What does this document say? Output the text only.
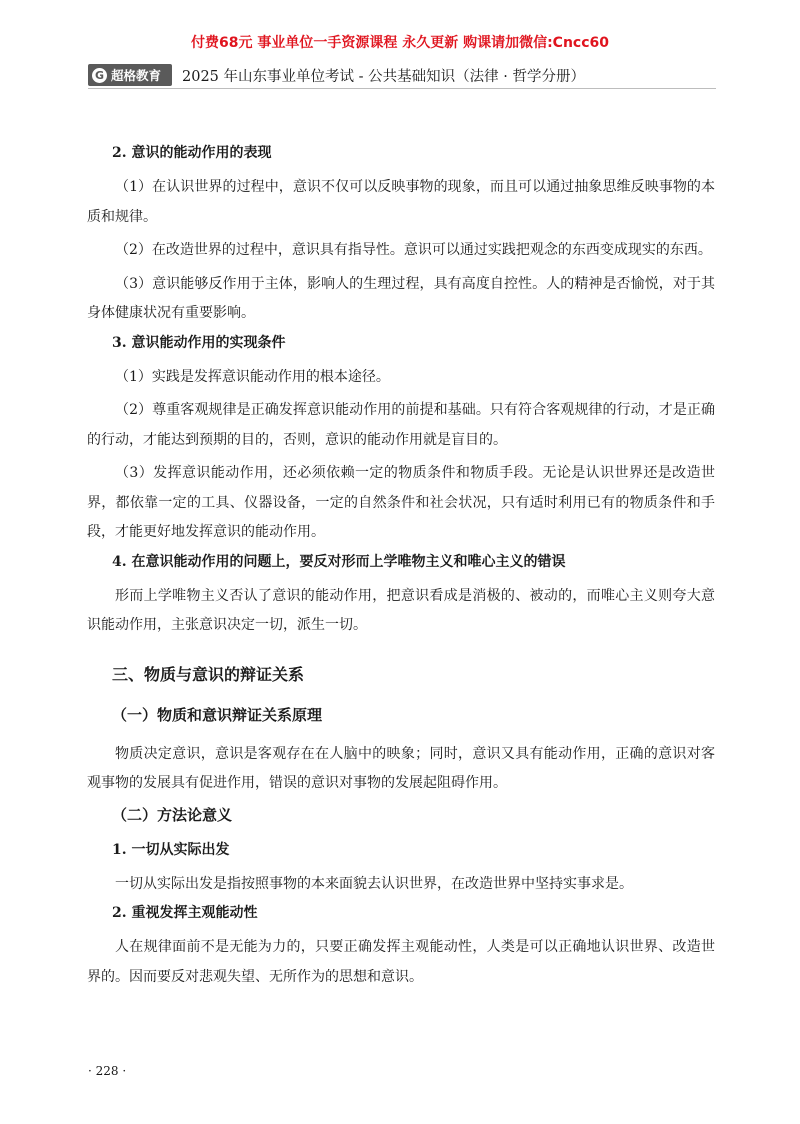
付费68元 事业单位一手资源课程 永久更新 购课请加微信:Cncc60
G 超格教育 2025 年山东事业单位考试 - 公共基础知识（法律 · 哲学分册）

2. 意识的能动作用的表现

（1）在认识世界的过程中，意识不仅可以反映事物的现象，而且可以通过抽象思维反映事物的本质和规律。

（2）在改造世界的过程中，意识具有指导性。意识可以通过实践把观念的东西变成现实的东西。

（3）意识能够反作用于主体，影响人的生理过程，具有高度自控性。人的精神是否愉悦，对于其身体健康状况有重要影响。

3. 意识能动作用的实现条件

（1）实践是发挥意识能动作用的根本途径。

（2）尊重客观规律是正确发挥意识能动作用的前提和基础。只有符合客观规律的行动，才是正确的行动，才能达到预期的目的，否则，意识的能动作用就是盲目的。

（3）发挥意识能动作用，还必须依赖一定的物质条件和物质手段。无论是认识世界还是改造世界，都依靠一定的工具、仪器设备，一定的自然条件和社会状况，只有适时利用已有的物质条件和手段，才能更好地发挥意识的能动作用。

4. 在意识能动作用的问题上，要反对形而上学唯物主义和唯心主义的错误

形而上学唯物主义否认了意识的能动作用，把意识看成是消极的、被动的，而唯心主义则夸大意识能动作用，主张意识决定一切，派生一切。

三、物质与意识的辩证关系

（一）物质和意识辩证关系原理

物质决定意识，意识是客观存在在人脑中的映象；同时，意识又具有能动作用，正确的意识对客观事物的发展具有促进作用，错误的意识对事物的发展起阻碍作用。

（二）方法论意义

1. 一切从实际出发

一切从实际出发是指按照事物的本来面貌去认识世界，在改造世界中坚持实事求是。

2. 重视发挥主观能动性

人在规律面前不是无能为力的，只要正确发挥主观能动性，人类是可以正确地认识世界、改造世界的。因而要反对悲观失望、无所作为的思想和意识。

· 228 ·
